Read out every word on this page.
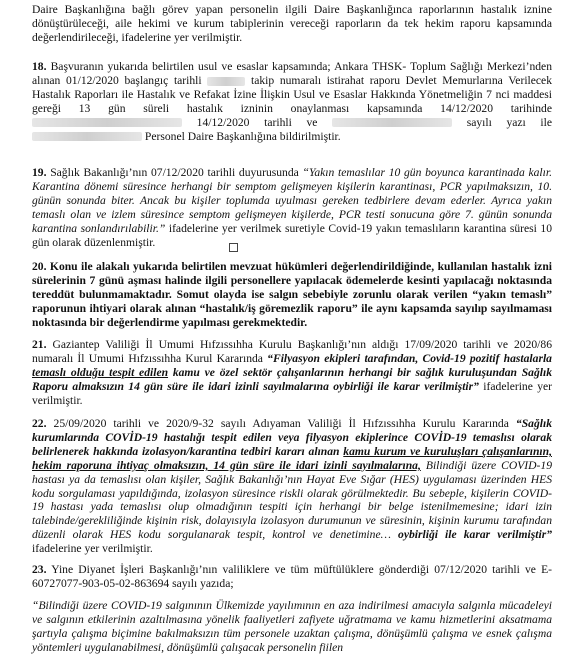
Daire Başkanlığına bağlı görev yapan personelin ilgili Daire Başkanlığınca raporlarının hastalık iznine dönüştürüleceği, aile hekimi ve kurum tabiplerinin vereceği raporların da tek hekim raporu kapsamında değerlendirileceği, ifadelerine yer verilmiştir.

18. Başvuranın yukarıda belirtilen usul ve esaslar kapsamında; Ankara THSK- Toplum Sağlığı Merkezi’nden alınan 01/12/2020 başlangıç tarihli	takip numaralı istirahat raporu Devlet Memurlarına Verilecek Hastalık Raporları ile Hastalık ve Refakat İzine İlişkin Usul ve Esaslar Hakkında Yönetmeliğin 7 nci maddesi gereği 13 gün süreli hastalık izninin onaylanması kapsamında 14/12/2020 tarihinde  14/12/2020 tarihli ve	sayılı yazı ile  Personel Daire Başkanlığına bildirilmiştir.

19. Sağlık Bakanlığı’nın 07/12/2020 tarihli duyurusunda “Yakın temaslılar 10 gün boyunca karantinada kalır. Karantina dönemi süresince herhangi bir semptom gelişmeyen kişilerin karantinası, PCR yapılmaksızın, 10. günün sonunda biter. Ancak bu kişiler toplumda uyulması gereken tedbirlere devam ederler. Ayrıca yakın temaslı olan ve izlem süresince semptom gelişmeyen kişilerde, PCR testi sonucuna göre 7. günün sonunda karantina sonlandırılabilir.” ifadelerine yer verilmek suretiyle Covid-19 yakın temaslıların karantina süresi 10 gün olarak düzenlenmiştir.

20. Konu ile alakalı yukarıda belirtilen mevzuat hükümleri değerlendirildiğinde, kullanılan hastalık izni sürelerinin 7 günü aşması halinde ilgili personellere yapılacak ödemelerde kesinti yapılacağı noktasında tereddüt bulunmamaktadır. Somut olayda ise salgın sebebiyle zorunlu olarak verilen “yakın temaslı” raporunun ihtiyari olarak alınan “hastalık/iş göremezlik raporu” ile aynı kapsamda sayılıp sayılmaması noktasında bir değerlendirme yapılması gerekmektedir.

21. Gaziantep Valiliği İl Umumi Hıfzıssıhha Kurulu Başkanlığı’nın aldığı 17/09/2020 tarihli ve 2020/86 numaralı İl Umumi Hıfzıssıhha Kurul Kararında “Filyasyon ekipleri tarafından, Covid-19 pozitif hastalarla temaslı olduğu tespit edilen kamu ve özel sektör çalışanlarının herhangi bir sağlık kuruluşundan Sağlık Raporu almaksızın 14 gün süre ile idari izinli sayılmalarına oybirliği ile karar verilmiştir” ifadelerine yer verilmiştir.

22. 25/09/2020 tarihli ve 2020/9-32 sayılı Adıyaman Valiliği İl Hıfzıssıhha Kurulu Kararında “Sağlık kurumlarında COVİD-19 hastalığı tespit edilen veya filyasyon ekiplerince COVİD-19 temaslısı olarak belirlenerek hakkında izolasyon/karantina tedbiri kararı alınan kamu kurum ve kuruluşları çalışanlarının, hekim raporuna ihtiyaç olmaksızın, 14 gün süre ile idari izinli sayılmalarına, Bilindiği üzere COVID-19 hastası ya da temaslısı olan kişiler, Sağlık Bakanlığı’nın Hayat Eve Sığar (HES) uygulaması üzerinden HES kodu sorgulaması yapıldığında, izolasyon süresince riskli olarak görülmektedir. Bu sebeple, kişilerin COVID-19 hastası yada temaslısı olup olmadığının tespiti için herhangi bir belge istenilmemesine; idari izin talebinde/gerekliliğinde kişinin risk, dolayısıyla izolasyon durumunun ve süresinin, kişinin kurumu tarafından düzenli olarak HES kodu sorgulanarak tespit, kontrol ve denetimine… oybirliği ile karar verilmiştir” ifadelerine yer verilmiştir.

23. Yine Diyanet İşleri Başkanlığı’nın valiliklere ve tüm müftülüklere gönderdiği 07/12/2020 tarihli ve E-60727077-903-05-02-863694 sayılı yazıda;

“Bilindiği üzere COVID-19 salgınının Ülkemizde yayılımının en aza indirilmesi amacıyla salgınla mücadeleyi ve salgının etkilerinin azaltılmasına yönelik faaliyetleri zafiyete uğratmama ve kamu hizmetlerini aksatmama şartıyla çalışma biçimine bakılmaksızın tüm personele uzaktan çalışma, dönüşümlü çalışma ve esnek çalışma yöntemleri uygulanabilmesi, dönüşümlü çalışacak personelin fiilen
